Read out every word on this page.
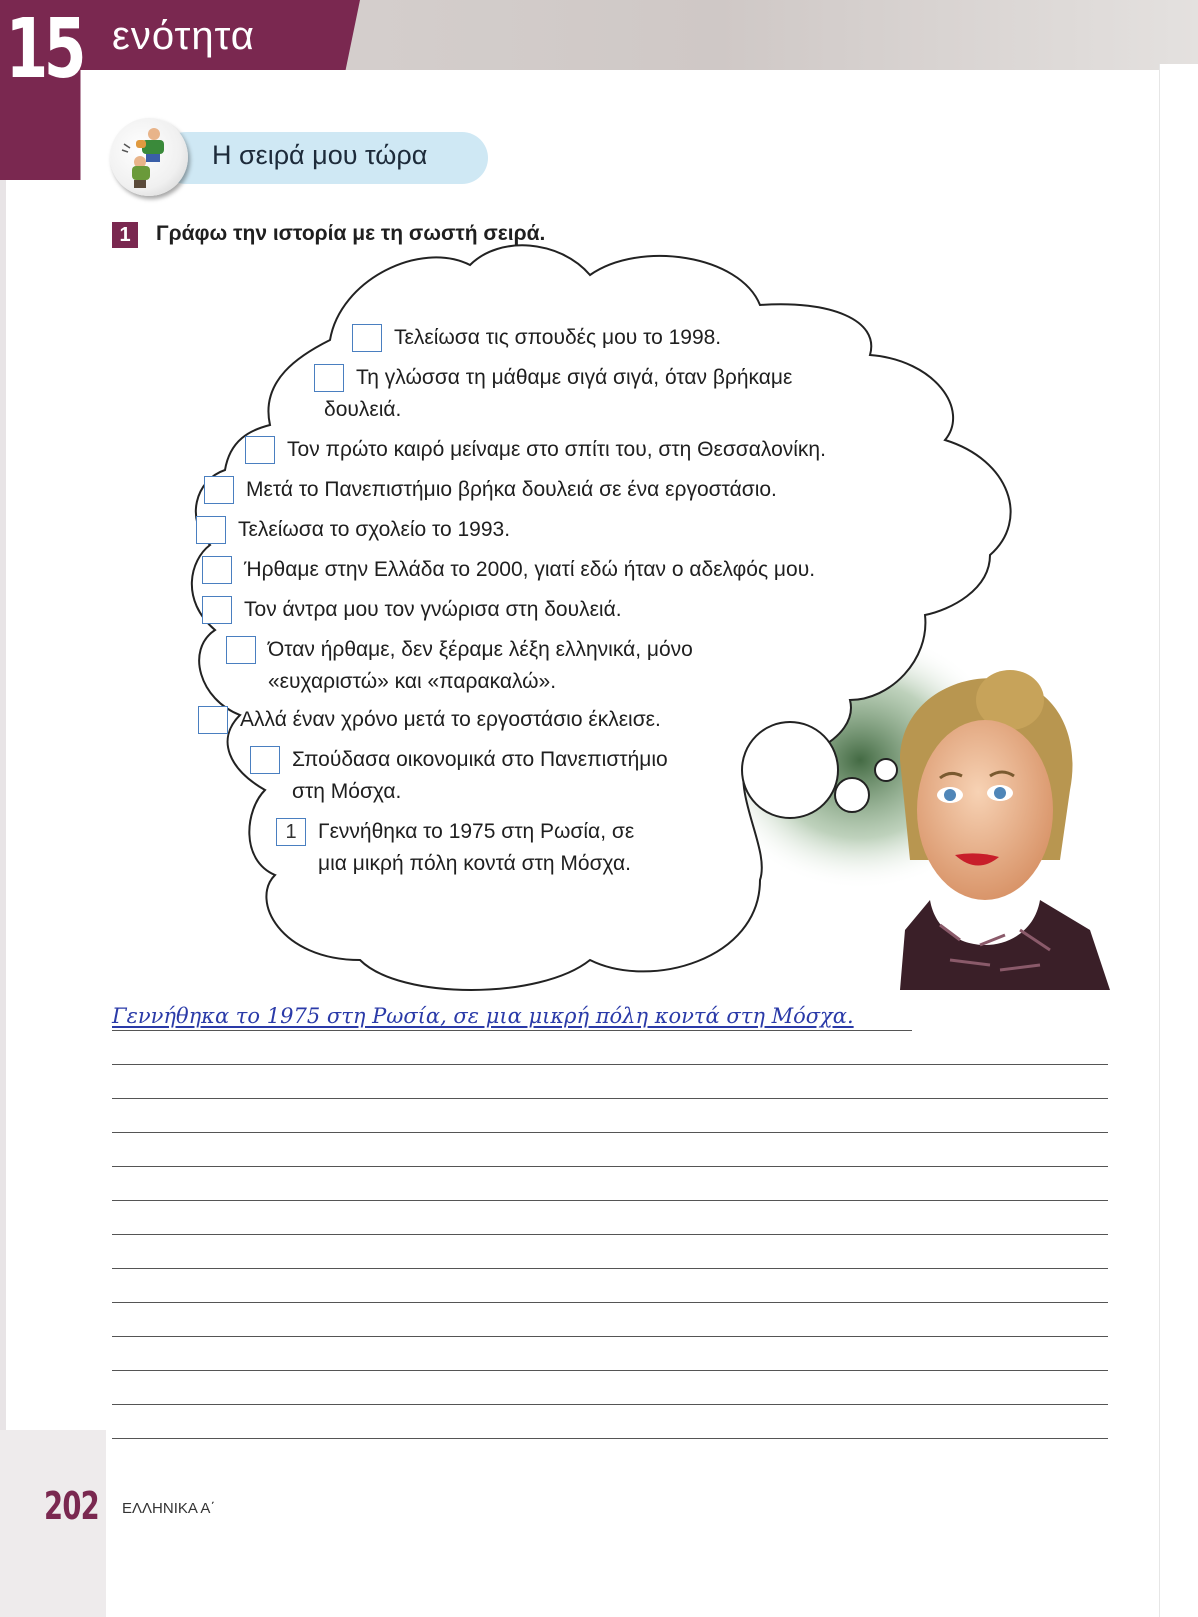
15 ενότητα
Η σειρά μου τώρα
1	Γράφω την ιστορία με τη σωστή σειρά.
Τελείωσα τις σπουδές μου το 1998.
Τη γλώσσα τη μάθαμε σιγά σιγά, όταν βρήκαμε
δουλειά.
Τον πρώτο καιρό μείναμε στο σπίτι του, στη Θεσσαλονίκη.
Μετά το Πανεπιστήμιο βρήκα δουλειά σε ένα εργοστάσιο.
Τελείωσα το σχολείο το 1993.
Ήρθαμε στην Ελλάδα το 2000, γιατί εδώ ήταν ο αδελφός μου.
Τον άντρα μου τον γνώρισα στη δουλειά.
Όταν ήρθαμε, δεν ξέραμε λέξη ελληνικά, μόνο
«ευχαριστώ» και «παρακαλώ».
Αλλά έναν χρόνο μετά το εργοστάσιο έκλεισε.
Σπούδασα οικονομικά στο Πανεπιστήμιο
στη Μόσχα.
1	Γεννήθηκα το 1975 στη Ρωσία, σε
μια μικρή πόλη κοντά στη Μόσχα.
Γεννήθηκα το 1975 στη Ρωσία, σε μια μικρή πόλη κοντά στη Μόσχα.
202 ΕΛΛΗΝΙΚΑ Α΄
